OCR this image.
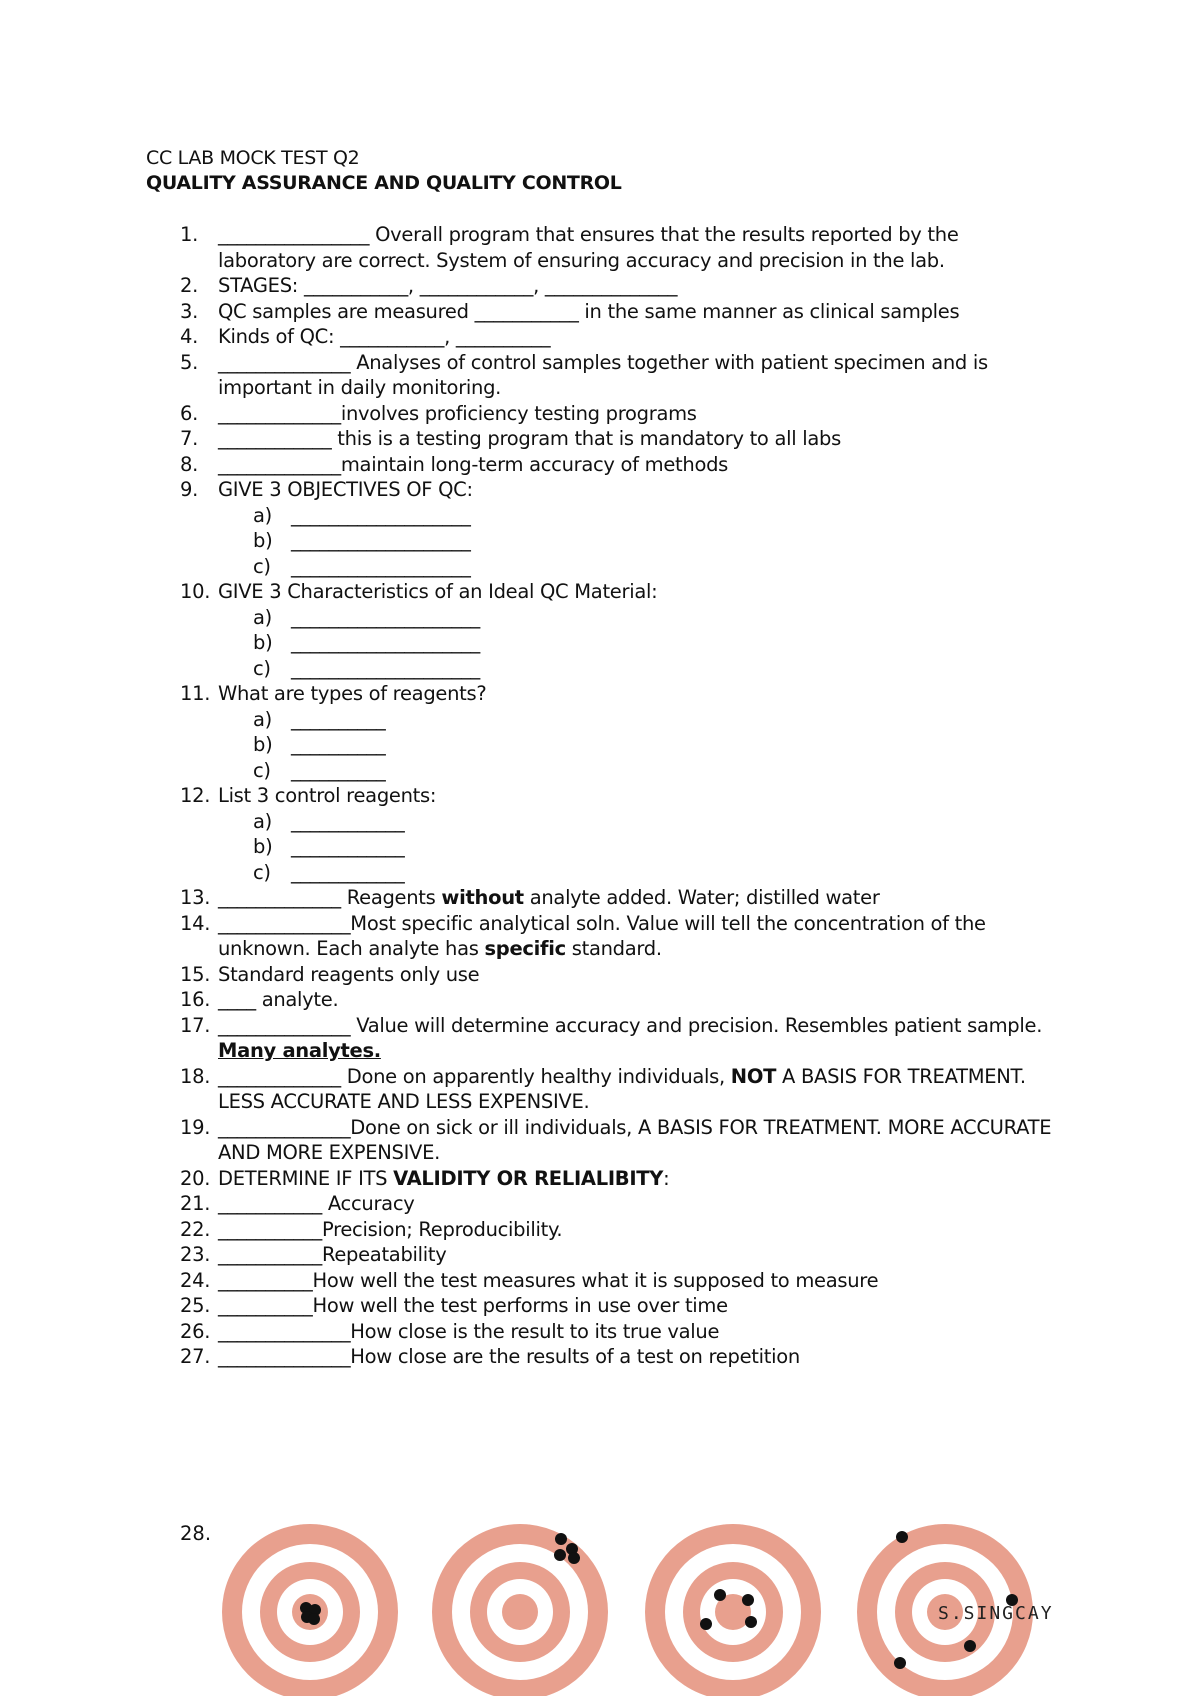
CC LAB MOCK TEST Q2
QUALITY ASSURANCE AND QUALITY CONTROL
1. ________________ Overall program that ensures that the results reported by the laboratory are correct. System of ensuring accuracy and precision in the lab.
2. STAGES: ___________, ____________, ______________
3. QC samples are measured ___________ in the same manner as clinical samples
4. Kinds of QC: ___________, __________
5. ______________ Analyses of control samples together with patient specimen and is important in daily monitoring.
6. _____________involves proficiency testing programs
7. ____________ this is a testing program that is mandatory to all labs
8. _____________maintain long-term accuracy of methods
9. GIVE 3 OBJECTIVES OF QC:
a) ___________________
b) ___________________
c) ___________________
10. GIVE 3 Characteristics of an Ideal QC Material:
a) ____________________
b) ____________________
c) ____________________
11. What are types of reagents?
a) __________
b) __________
c) __________
12. List 3 control reagents:
a) ____________
b) ____________
c) ____________
13. _____________ Reagents without analyte added. Water; distilled water
14. ______________Most specific analytical soln. Value will tell the concentration of the unknown. Each analyte has specific standard.
15. Standard reagents only use
16. ____ analyte.
17. ______________ Value will determine accuracy and precision. Resembles patient sample. Many analytes.
18. _____________ Done on apparently healthy individuals, NOT A BASIS FOR TREATMENT. LESS ACCURATE AND LESS EXPENSIVE.
19. ______________Done on sick or ill individuals, A BASIS FOR TREATMENT. MORE ACCURATE AND MORE EXPENSIVE.
20. DETERMINE IF ITS VALIDITY OR RELIALIBITY:
21. ___________ Accuracy
22. ___________Precision; Reproducibility.
23. ___________Repeatability
24. __________How well the test measures what it is supposed to measure
25. __________How well the test performs in use over time
26. ______________How close is the result to its true value
27. ______________How close are the results of a test on repetition
28.
S.SINGCAY
